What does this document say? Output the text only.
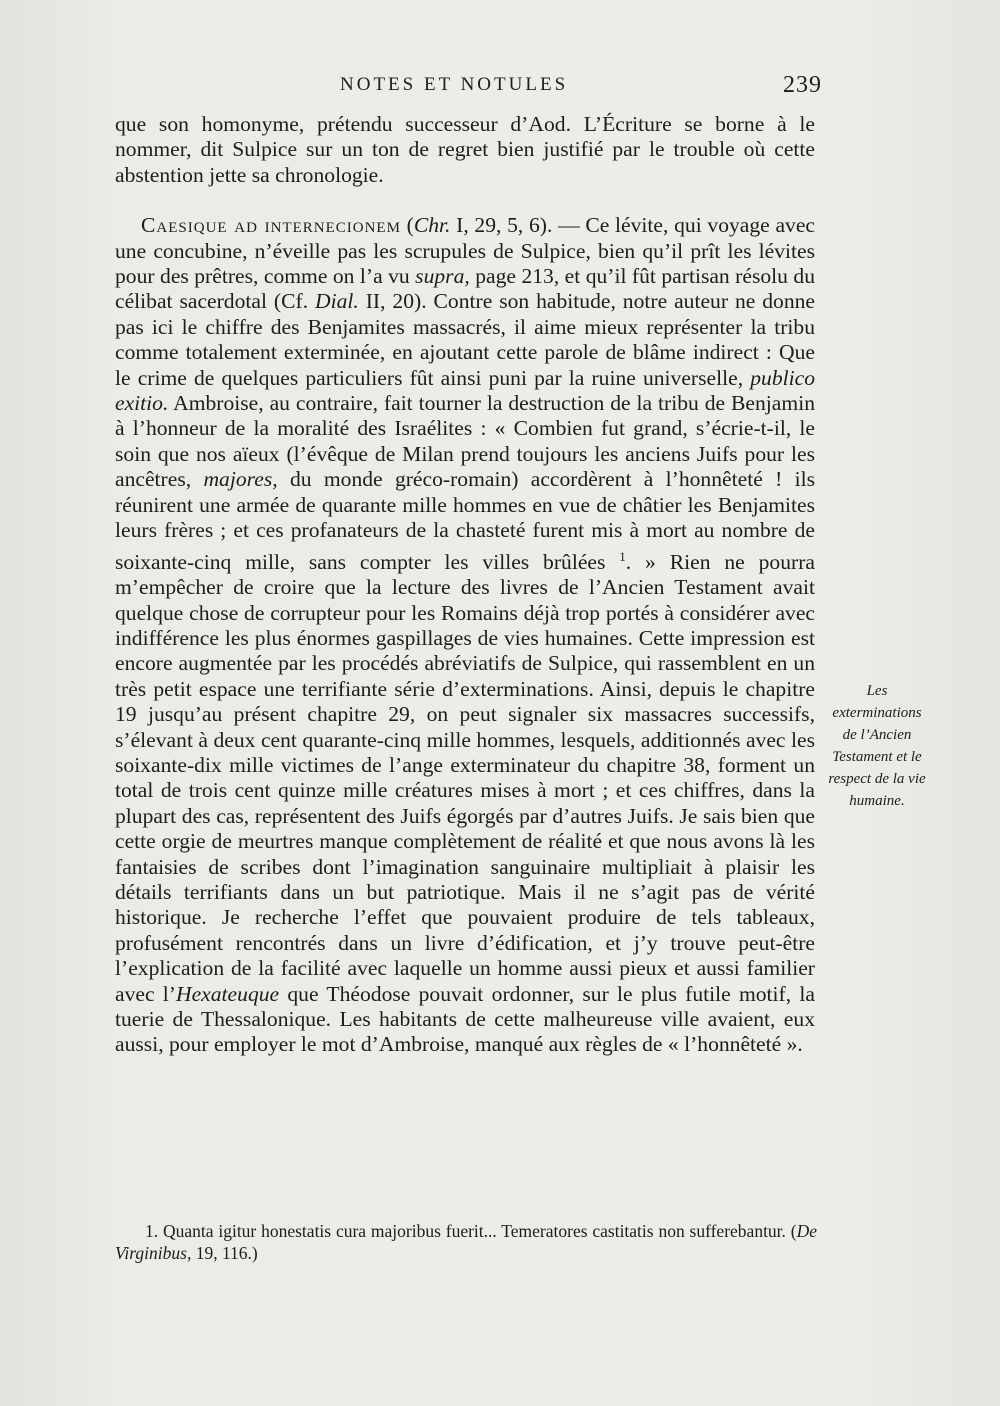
NOTES ET NOTULES	239

que son homonyme, prétendu successeur d’Aod. L’Écriture se borne à le nommer, dit Sulpice sur un ton de regret bien justifié par le trouble où cette abstention jette sa chronologie.

Caesique ad internecionem (Chr. I, 29, 5, 6). — Ce lévite, qui voyage avec une concubine, n’éveille pas les scrupules de Sulpice, bien qu’il prît les lévites pour des prêtres, comme on l’a vu supra, page 213, et qu’il fût partisan résolu du célibat sacerdotal (Cf. Dial. II, 20). Contre son habitude, notre auteur ne donne pas ici le chiffre des Benjamites massacrés, il aime mieux représenter la tribu comme totalement exterminée, en ajoutant cette parole de blâme indirect : Que le crime de quelques particuliers fût ainsi puni par la ruine universelle, publico exitio. Ambroise, au contraire, fait tourner la destruction de la tribu de Benjamin à l’honneur de la moralité des Israélites : « Combien fut grand, s’écrie-t-il, le soin que nos aïeux (l’évêque de Milan prend toujours les anciens Juifs pour les ancêtres, majores, du monde gréco-romain) accordèrent à l’honnêteté ! ils réunirent une armée de quarante mille hommes en vue de châtier les Benjamites leurs frères ; et ces profanateurs de la chasteté furent mis à mort au nombre de soixante-cinq mille, sans compter les villes brûlées $^1$. » Rien ne pourra m’empêcher de croire que la lecture des livres de l’Ancien Testament avait quelque chose de corrupteur pour les Romains déjà trop portés à considérer avec indifférence les plus énormes gaspillages de vies humaines. Cette impression est encore augmentée par les procédés abréviatifs de Sulpice, qui rassemblent en un très petit espace une terrifiante série d’exterminations. Ainsi, depuis le chapitre 19 jusqu’au présent chapitre 29, on peut signaler six massacres successifs, s’élevant à deux cent quarante-cinq mille hommes, lesquels, additionnés avec les soixante-dix mille victimes de l’ange exterminateur du chapitre 38, forment un total de trois cent quinze mille créatures mises à mort ; et ces chiffres, dans la plupart des cas, représentent des Juifs égorgés par d’autres Juifs. Je sais bien que cette orgie de meurtres manque complètement de réalité et que nous avons là les fantaisies de scribes dont l’imagination sanguinaire multipliait à plaisir les détails terrifiants dans un but patriotique. Mais il ne s’agit pas de vérité historique. Je recherche l’effet que pouvaient produire de tels tableaux, profusément rencontrés dans un livre d’édification, et j’y trouve peut-être l’explication de la facilité avec laquelle un homme aussi pieux et aussi familier avec l’Hexateuque que Théodose pouvait ordonner, sur le plus futile motif, la tuerie de Thessalonique. Les habitants de cette malheureuse ville avaient, eux aussi, pour employer le mot d’Ambroise, manqué aux règles de « l’honnêteté ».

Les
exterminations
de l’Ancien
Testament et le
respect de la vie
humaine.
1. Quanta igitur honestatis cura majoribus fuerit... Temeratores castitatis non sufferebantur. (De Virginibus, 19, 116.)
